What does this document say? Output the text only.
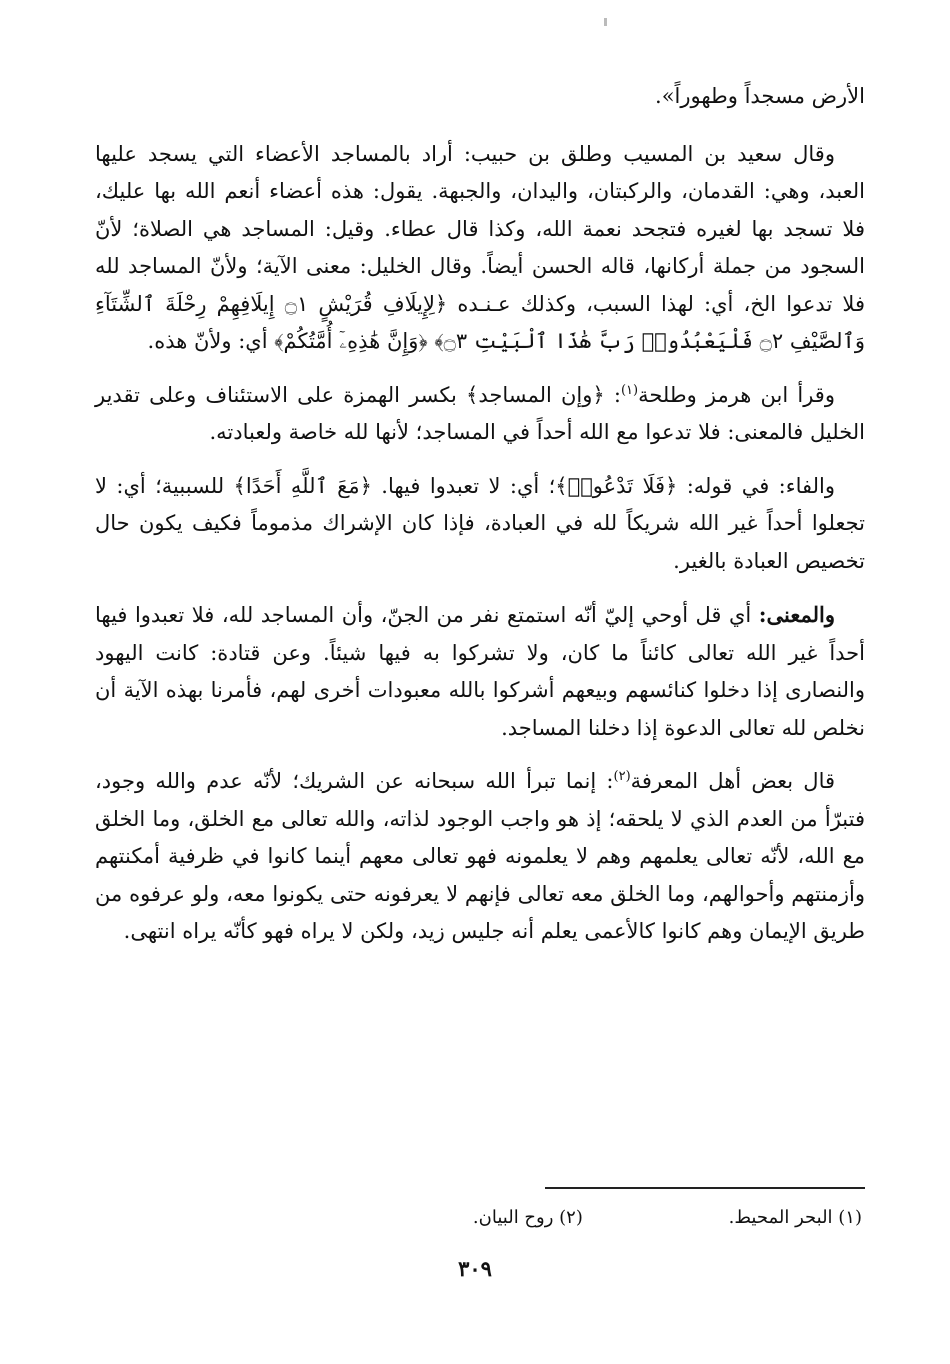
الأرض مسجداً وطهوراً».

وقال سعيد بن المسيب وطلق بن حبيب: أراد بالمساجد الأعضاء التي يسجد عليها العبد، وهي: القدمان، والركبتان، واليدان، والجبهة. يقول: هذه أعضاء أنعم الله بها عليك، فلا تسجد بها لغيره فتجحد نعمة الله، وكذا قال عطاء. وقيل: المساجد هي الصلاة؛ لأنّ السجود من جملة أركانها، قاله الحسن أيضاً. وقال الخليل: معنى الآية؛ ولأنّ المساجد لله فلا تدعوا الخ، أي: لهذا السبب، وكذلك عـنـده ﴿لِإِيلَافِ قُرَيْشٍ ۝١ إِيلَافِهِمْ رِحْلَةَ ٱلشِّتَآءِ وَٱلصَّيْفِ ۝٢ فَلْيَعْبُدُوا۟ رَبَّ هَٰذَا ٱلْبَيْتِ ۝٣﴾ ﴿وَإِنَّ هَٰذِهِۦٓ أُمَّتُكُمْ﴾ أي: ولأنّ هذه.

وقرأ ابن هرمز وطلحة$^{(١)}$: ﴿وإن المساجد﴾ بكسر الهمزة على الاستئناف وعلى تقدير الخليل فالمعنى: فلا تدعوا مع الله أحداً في المساجد؛ لأنها لله خاصة ولعبادته.

والفاء: في قوله: ﴿فَلَا تَدْعُوا۟﴾؛ أي: لا تعبدوا فيها. ﴿مَعَ ٱللَّهِ أَحَدًا﴾ للسببية؛ أي: لا تجعلوا أحداً غير الله شريكاً لله في العبادة، فإذا كان الإشراك مذموماً فكيف يكون حال تخصيص العبادة بالغير.

والمعنى: أي قل أوحي إليّ أنّه استمتع نفر من الجنّ، وأن المساجد لله، فلا تعبدوا فيها أحداً غير الله تعالى كائناً ما كان، ولا تشركوا به فيها شيئاً. وعن قتادة: كانت اليهود والنصارى إذا دخلوا كنائسهم وبيعهم أشركوا بالله معبودات أخرى لهم، فأمرنا بهذه الآية أن نخلص لله تعالى الدعوة إذا دخلنا المساجد.

قال بعض أهل المعرفة$^{(٢)}$: إنما تبرأ الله سبحانه عن الشريك؛ لأنّه عدم والله وجود، فتبرّأ من العدم الذي لا يلحقه؛ إذ هو واجب الوجود لذاته، والله تعالى مع الخلق، وما الخلق مع الله، لأنّه تعالى يعلمهم وهم لا يعلمونه فهو تعالى معهم أينما كانوا في ظرفية أمكنتهم وأزمنتهم وأحوالهم، وما الخلق معه تعالى فإنهم لا يعرفونه حتى يكونوا معه، ولو عرفوه من طريق الإيمان وهم كانوا كالأعمى يعلم أنه جليس زيد، ولكن لا يراه فهو كأنّه يراه انتهى.

(١) البحر المحيط. (٢) روح البيان.
٣٠٩
